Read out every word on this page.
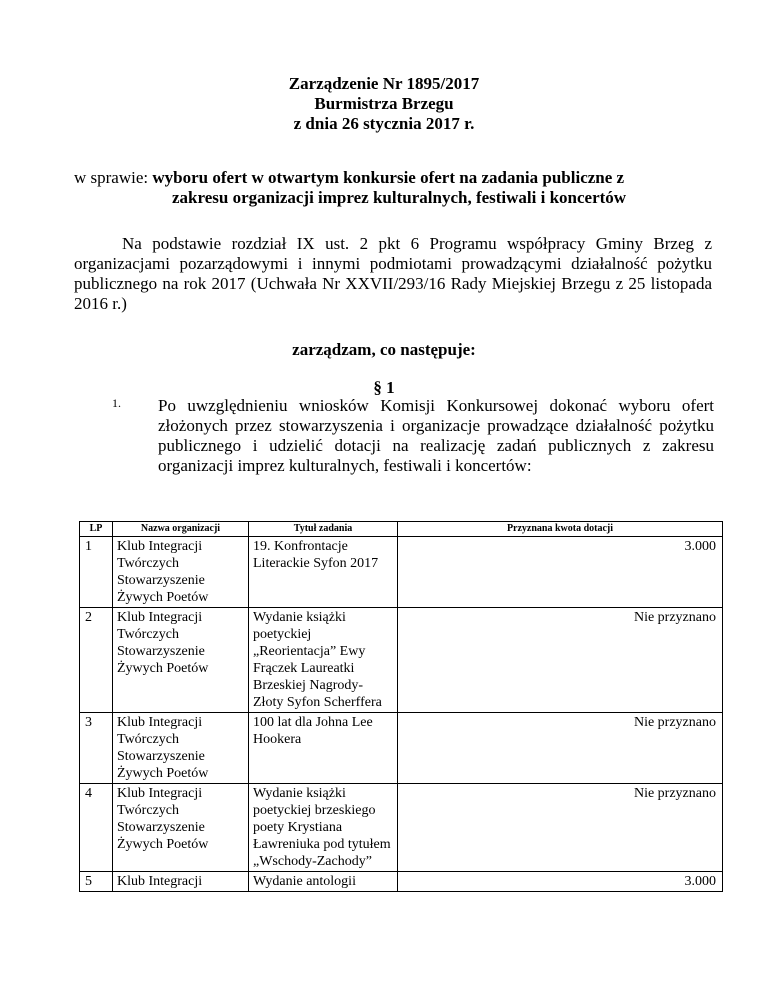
Zarządzenie Nr 1895/2017
Burmistrza Brzegu
z dnia 26 stycznia 2017 r.
w sprawie: wyboru ofert w otwartym konkursie ofert na zadania publiczne z
zakresu organizacji imprez kulturalnych, festiwali i koncertów
Na podstawie rozdział IX ust. 2 pkt 6 Programu współpracy Gminy Brzeg z organizacjami pozarządowymi i innymi podmiotami prowadzącymi działalność pożytku publicznego na rok 2017 (Uchwała Nr XXVII/293/16 Rady Miejskiej Brzegu z 25 listopada 2016 r.)
zarządzam, co następuje:
§ 1
1. Po uwzględnieniu wniosków Komisji Konkursowej dokonać wyboru ofert złożonych przez stowarzyszenia i organizacje prowadzące działalność pożytku publicznego i udzielić dotacji na realizację zadań publicznych z zakresu organizacji imprez kulturalnych, festiwali i koncertów:
LP	Nazwa organizacji	Tytuł zadania	Przyznana kwota dotacji
1	Klub Integracji Twórczych Stowarzyszenie Żywych Poetów	19. Konfrontacje Literackie Syfon 2017	3.000
2	Klub Integracji Twórczych Stowarzyszenie Żywych Poetów	Wydanie książki poetyckiej „Reorientacja” Ewy Frączek Laureatki Brzeskiej Nagrody-Złoty Syfon Scherffera	Nie przyznano
3	Klub Integracji Twórczych Stowarzyszenie Żywych Poetów	100 lat dla Johna Lee Hookera	Nie przyznano
4	Klub Integracji Twórczych Stowarzyszenie Żywych Poetów	Wydanie książki poetyckiej brzeskiego poety Krystiana Ławreniuka pod tytułem „Wschody-Zachody”	Nie przyznano
5	Klub Integracji	Wydanie antologii	3.000
